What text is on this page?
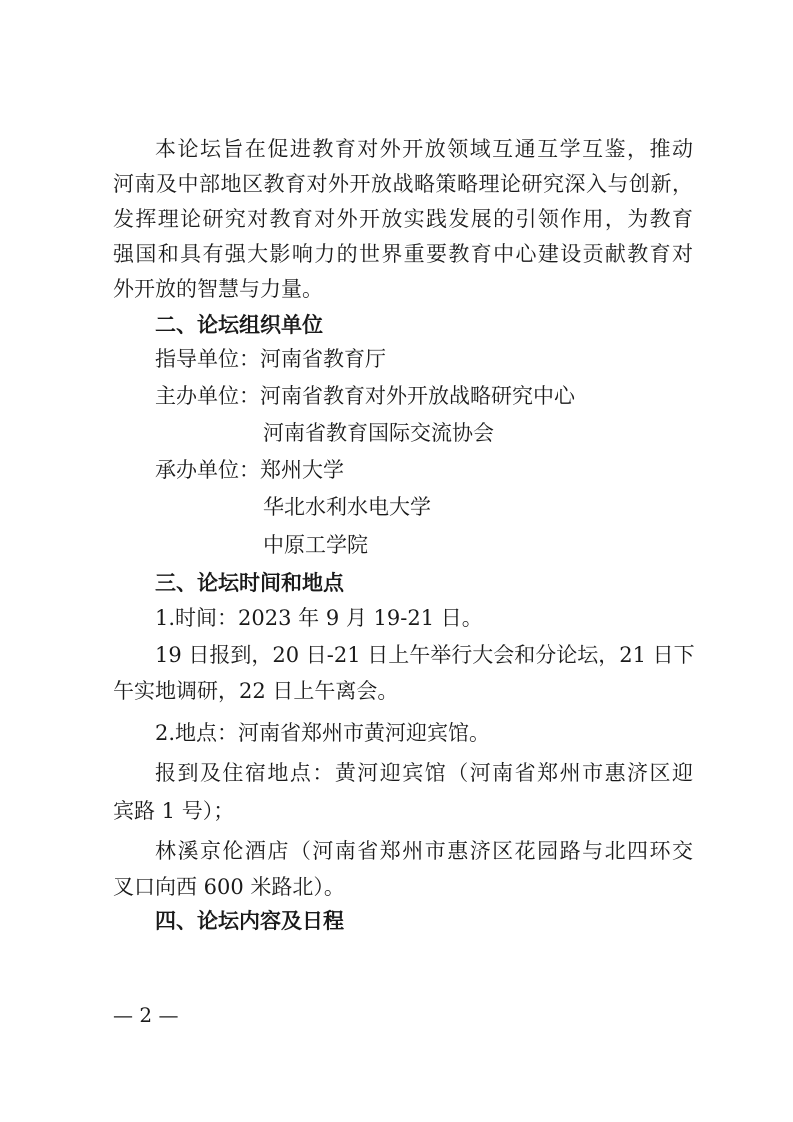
本论坛旨在促进教育对外开放领域互通互学互鉴，推动
河南及中部地区教育对外开放战略策略理论研究深入与创新，
发挥理论研究对教育对外开放实践发展的引领作用，为教育
强国和具有强大影响力的世界重要教育中心建设贡献教育对
外开放的智慧与力量。
二、论坛组织单位
指导单位：河南省教育厅
主办单位：河南省教育对外开放战略研究中心
河南省教育国际交流协会
承办单位：郑州大学
华北水利水电大学
中原工学院
三、论坛时间和地点
1.时间：2023 年 9 月 19-21 日。
19 日报到，20 日-21 日上午举行大会和分论坛，21 日下
午实地调研，22 日上午离会。
2.地点：河南省郑州市黄河迎宾馆。
报到及住宿地点：黄河迎宾馆（河南省郑州市惠济区迎
宾路 1 号）；
林溪京伦酒店（河南省郑州市惠济区花园路与北四环交
叉口向西 600 米路北）。
四、论坛内容及日程
— 2 —
